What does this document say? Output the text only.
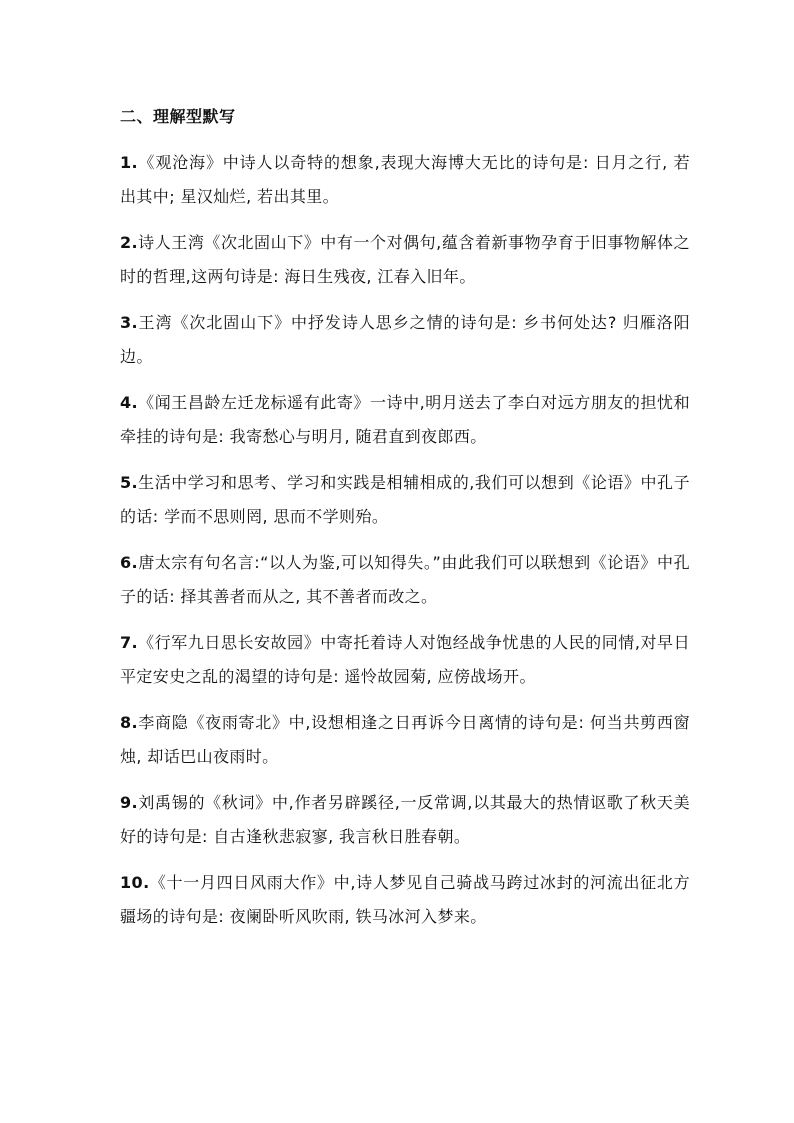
二、理解型默写

1.《观沧海》中诗人以奇特的想象,表现大海博大无比的诗句是: 日月之行, 若出其中; 星汉灿烂, 若出其里。

2.诗人王湾《次北固山下》中有一个对偶句,蕴含着新事物孕育于旧事物解体之时的哲理,这两句诗是: 海日生残夜, 江春入旧年。

3.王湾《次北固山下》中抒发诗人思乡之情的诗句是: 乡书何处达? 归雁洛阳边。

4.《闻王昌龄左迁龙标遥有此寄》一诗中,明月送去了李白对远方朋友的担忧和牵挂的诗句是: 我寄愁心与明月, 随君直到夜郎西。

5.生活中学习和思考、学习和实践是相辅相成的,我们可以想到《论语》中孔子的话: 学而不思则罔, 思而不学则殆。

6.唐太宗有句名言:“以人为鉴,可以知得失。”由此我们可以联想到《论语》中孔子的话: 择其善者而从之, 其不善者而改之。

7.《行军九日思长安故园》中寄托着诗人对饱经战争忧患的人民的同情,对早日平定安史之乱的渴望的诗句是: 遥怜故园菊, 应傍战场开。

8.李商隐《夜雨寄北》中,设想相逢之日再诉今日离情的诗句是: 何当共剪西窗烛, 却话巴山夜雨时。

9.刘禹锡的《秋词》中,作者另辟蹊径,一反常调,以其最大的热情讴歌了秋天美好的诗句是: 自古逢秋悲寂寥, 我言秋日胜春朝。

10.《十一月四日风雨大作》中,诗人梦见自己骑战马跨过冰封的河流出征北方疆场的诗句是: 夜阑卧听风吹雨, 铁马冰河入梦来。
